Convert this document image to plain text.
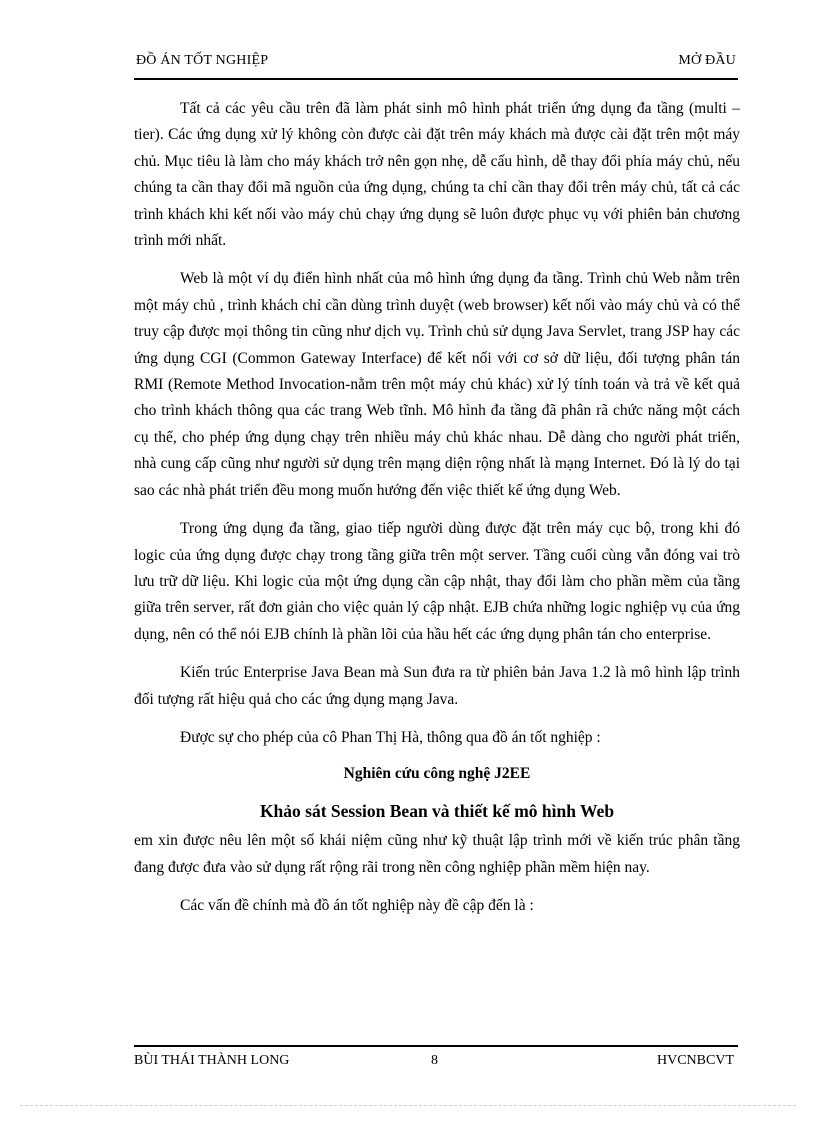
ĐỒ ÁN TỐT NGHIỆP	MỞ ĐẦU

Tất cả các yêu cầu trên đã làm phát sinh mô hình phát triển ứng dụng đa tầng (multi – tier). Các ứng dụng xử lý không còn được cài đặt trên máy khách mà được cài đặt trên một máy chủ. Mục tiêu là làm cho máy khách trở nên gọn nhẹ, dễ cấu hình, dễ thay đổi phía máy chủ, nếu chúng ta cần thay đổi mã nguồn của ứng dụng, chúng ta chỉ cần thay đổi trên máy chủ, tất cả các trình khách khi kết nối vào máy chủ chạy ứng dụng sẽ luôn được phục vụ với phiên bản chương trình mới nhất.

Web là một ví dụ điển hình nhất của mô hình ứng dụng đa tầng. Trình chủ Web nằm trên một máy chủ , trình khách chỉ cần dùng trình duyệt (web browser) kết nối vào máy chủ và có thể truy cập được mọi thông tin cũng như dịch vụ. Trình chủ sử dụng Java Servlet, trang JSP hay các ứng dụng CGI (Common Gateway Interface) để kết nối với cơ sở dữ liệu, đối tượng phân tán RMI (Remote Method Invocation-nằm trên một máy chủ khác) xử lý tính toán và trả về kết quả cho trình khách thông qua các trang Web tĩnh. Mô hình đa tầng đã phân rã chức năng một cách cụ thể, cho phép ứng dụng chạy trên nhiều máy chủ khác nhau. Dễ dàng cho người phát triển, nhà cung cấp cũng như người sử dụng trên mạng diện rộng nhất là mạng Internet. Đó là lý do tại sao các nhà phát triển đều mong muốn hướng đến việc thiết kế ứng dụng Web.

Trong ứng dụng đa tầng, giao tiếp người dùng được đặt trên máy cục bộ, trong khi đó logic của ứng dụng được chạy trong tầng giữa trên một server. Tầng cuối cùng vẫn đóng vai trò lưu trữ dữ liệu. Khi logic của một ứng dụng cần cập nhật, thay đổi làm cho phần mềm của tầng giữa trên server, rất đơn giản cho việc quản lý cập nhật. EJB chứa những logic nghiệp vụ của ứng dụng, nên có thể nói EJB chính là phần lõi của hầu hết các ứng dụng phân tán cho enterprise.

Kiến trúc Enterprise Java Bean mà Sun đưa ra từ phiên bản Java 1.2 là mô hình lập trình đối tượng rất hiệu quả cho các ứng dụng mạng Java.

Được sự cho phép của cô Phan Thị Hà, thông qua đồ án tốt nghiệp :

Nghiên cứu công nghệ J2EE

Khảo sát Session Bean và thiết kế mô hình Web

em xin được nêu lên một số khái niệm cũng như kỹ thuật lập trình mới về kiến trúc phân tầng đang được đưa vào sử dụng rất rộng rãi trong nền công nghiệp phần mềm hiện nay.

Các vấn đề chính mà đồ án tốt nghiệp này đề cập đến là :

BÙI THÁI THÀNH LONG	8	HVCNBCVT
